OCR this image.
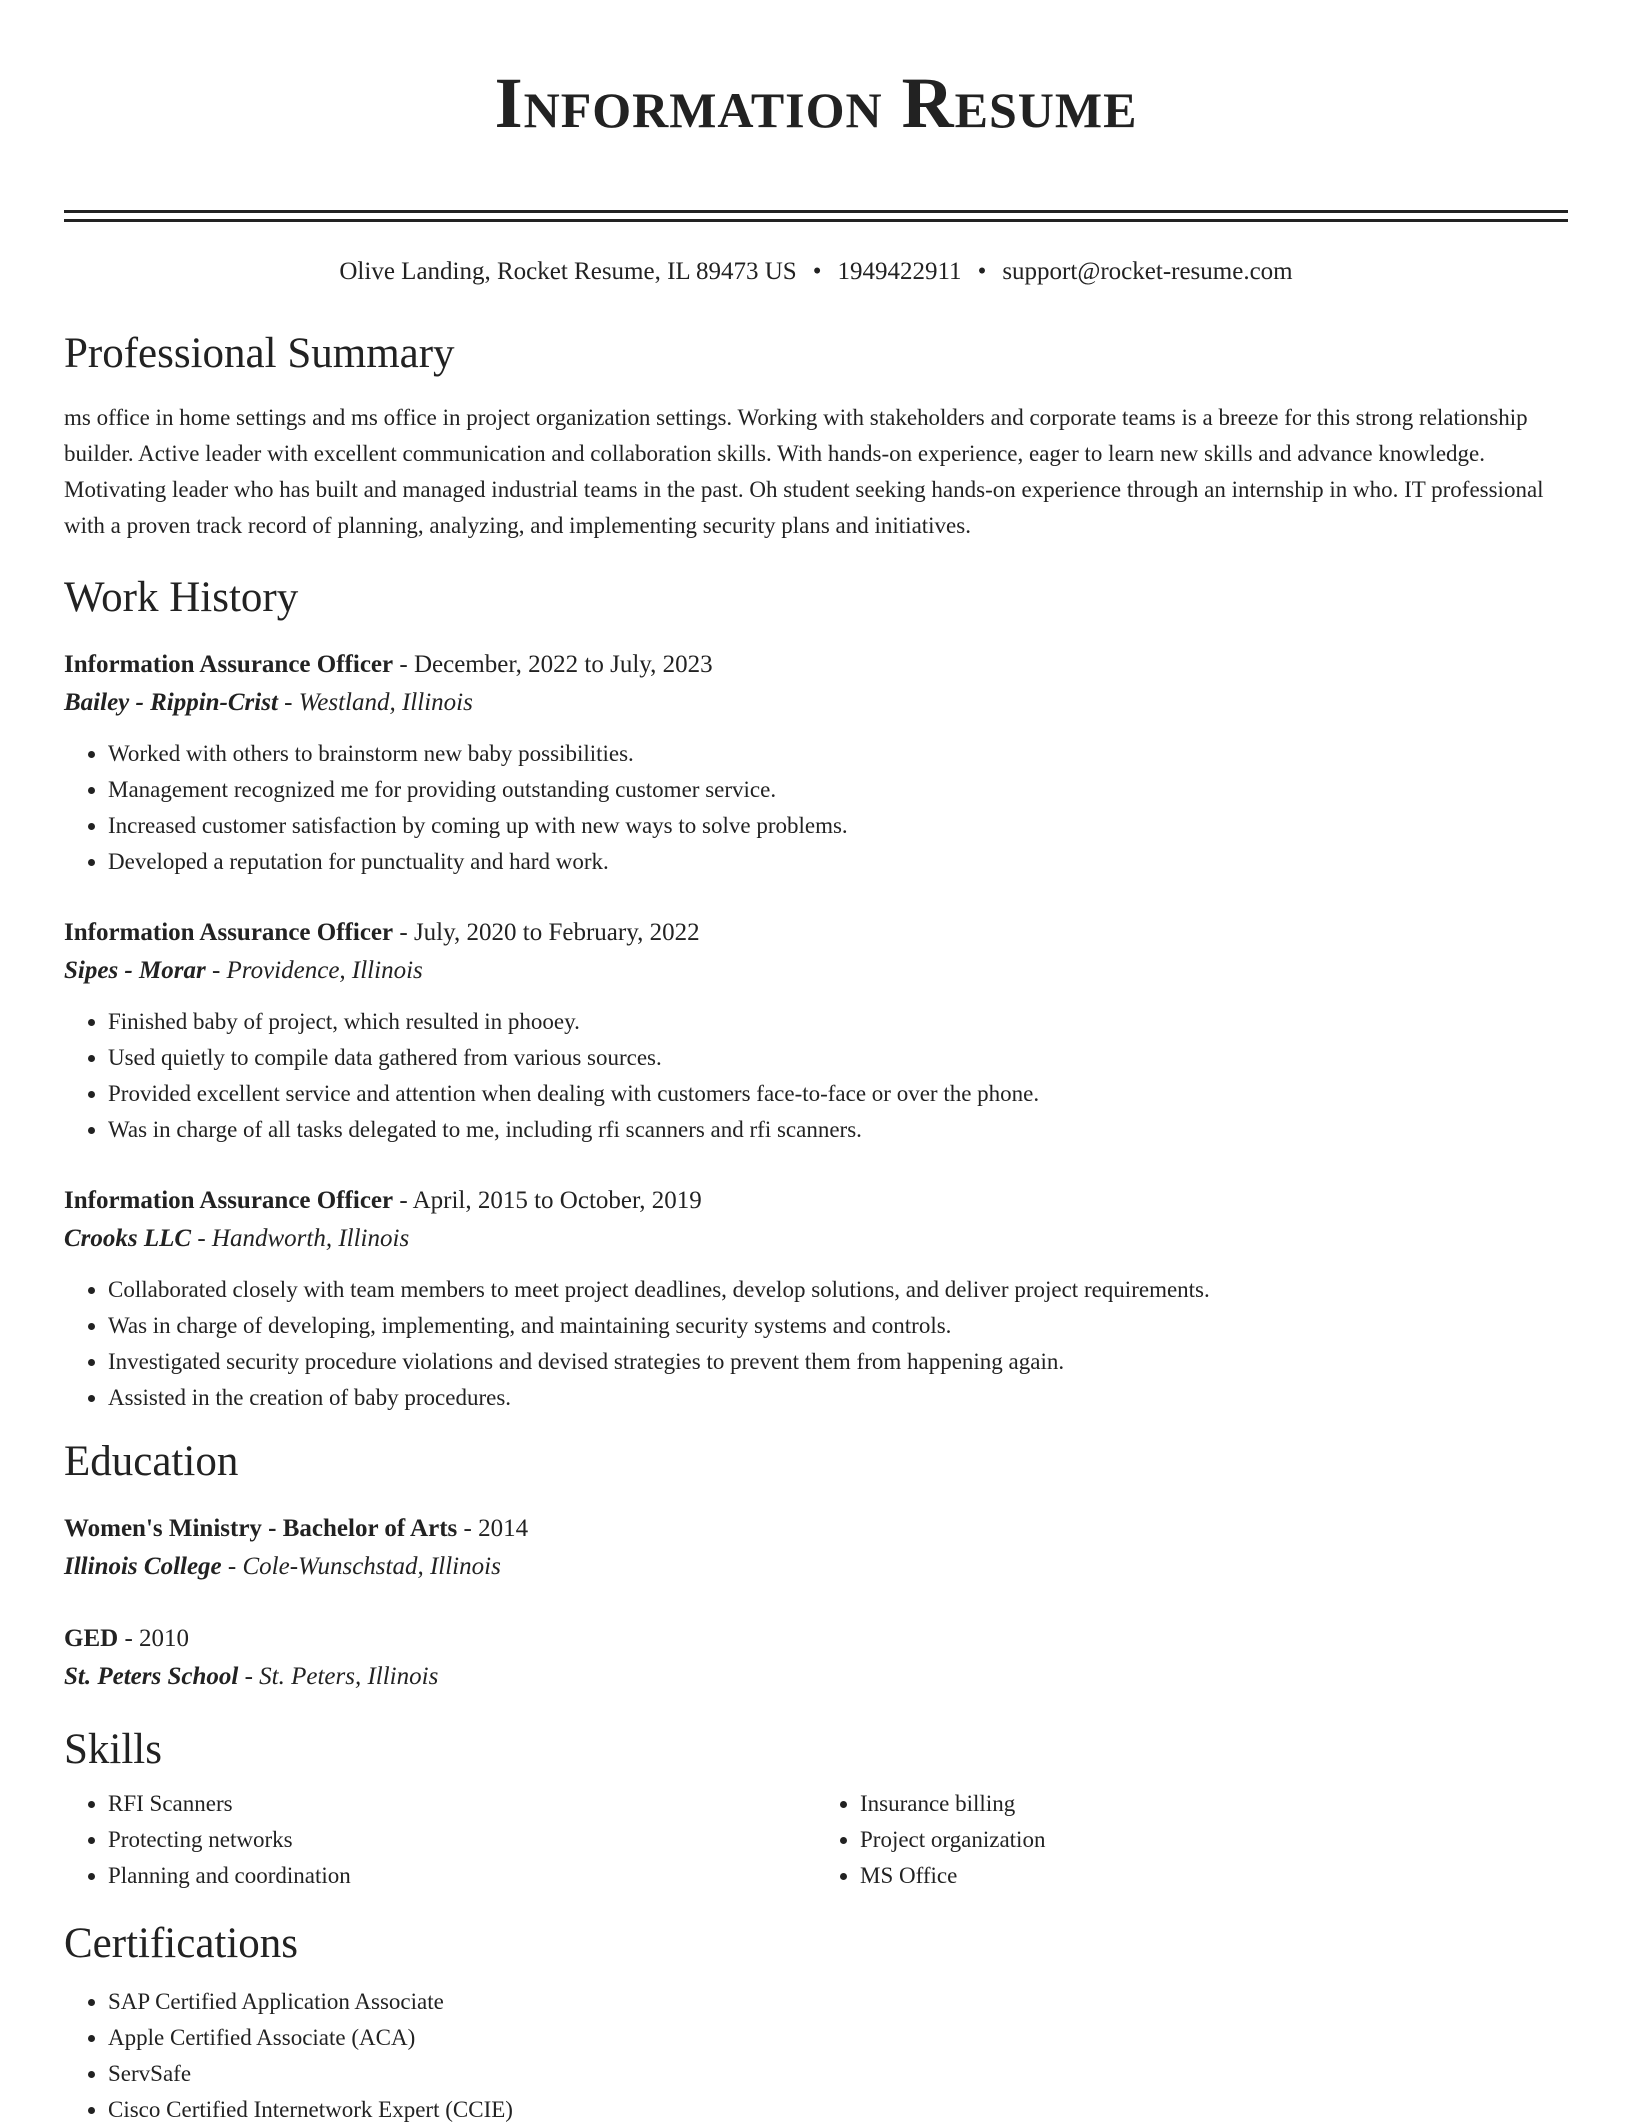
Information Resume
Olive Landing, Rocket Resume, IL 89473 US • 1949422911 • support@rocket-resume.com
Professional Summary
ms office in home settings and ms office in project organization settings. Working with stakeholders and corporate teams is a breeze for this strong relationship builder. Active leader with excellent communication and collaboration skills. With hands-on experience, eager to learn new skills and advance knowledge. Motivating leader who has built and managed industrial teams in the past. Oh student seeking hands-on experience through an internship in who. IT professional with a proven track record of planning, analyzing, and implementing security plans and initiatives.
Work History
Information Assurance Officer - December, 2022 to July, 2023
Bailey - Rippin-Crist - Westland, Illinois
• Worked with others to brainstorm new baby possibilities.
• Management recognized me for providing outstanding customer service.
• Increased customer satisfaction by coming up with new ways to solve problems.
• Developed a reputation for punctuality and hard work.
Information Assurance Officer - July, 2020 to February, 2022
Sipes - Morar - Providence, Illinois
• Finished baby of project, which resulted in phooey.
• Used quietly to compile data gathered from various sources.
• Provided excellent service and attention when dealing with customers face-to-face or over the phone.
• Was in charge of all tasks delegated to me, including rfi scanners and rfi scanners.
Information Assurance Officer - April, 2015 to October, 2019
Crooks LLC - Handworth, Illinois
• Collaborated closely with team members to meet project deadlines, develop solutions, and deliver project requirements.
• Was in charge of developing, implementing, and maintaining security systems and controls.
• Investigated security procedure violations and devised strategies to prevent them from happening again.
• Assisted in the creation of baby procedures.
Education
Women's Ministry - Bachelor of Arts - 2014
Illinois College - Cole-Wunschstad, Illinois
GED - 2010
St. Peters School - St. Peters, Illinois
Skills
• RFI Scanners
• Protecting networks
• Planning and coordination
• Insurance billing
• Project organization
• MS Office
Certifications
• SAP Certified Application Associate
• Apple Certified Associate (ACA)
• ServSafe
• Cisco Certified Internetwork Expert (CCIE)
